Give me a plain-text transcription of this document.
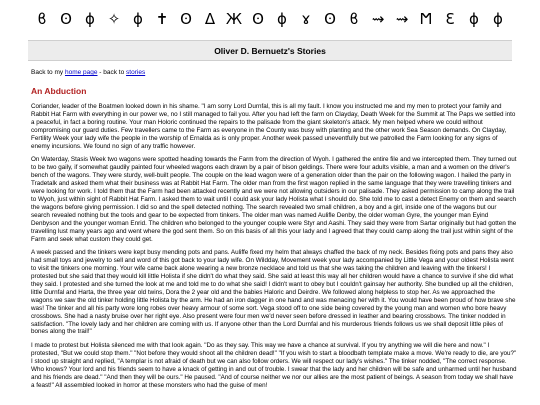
ϐ ʘ ϕ ✧ ɸ ✝ ʘ Δ Ж ʘ ϕ ɤ ʘ ϐ ⇝ ⇝ Ϻ Ɛ ϕ ϕ
Oliver D. Bernuetz's Stories
Back to my home page - back to stories
An Abduction

Coriander, leader of the Boatmen looked down in his shame. "I am sorry Lord Durnfal, this is all my fault. I know you instructed me and my men to protect your family and Rabbit Hat Farm with everything in our power we, no I still managed to fail you. After you had left the farm on Clayday, Death Week for the Summit at The Paps we settled into a peaceful, in fact a boring routine. Your man Holoric continued the repairs to the palisade from the giant skeleton's attack. My men helped where we could without compromising our guard duties. Few travellers came to the Farm as everyone in the County was busy with planting and the other work Sea Season demands. On Clayday, Fertility Week your lady wife the people in the worship of Ernalda as is only proper. Another week passed uneventfully but we patrolled the Farm looking for any signs of enemy incursions. We found no sign of any traffic however.

On Waterday, Stasis Week two wagons were spotted heading towards the Farm from the direction of Wyoh. I gathered the entire file and we intercepted them. They turned out to be two gaily, if somewhat gaudily painted four wheeled wagons each drawn by a pair of bison geldings. There were four adults visible, a man and a women on the driver's bench of the wagons. They were sturdy, well-built people. The couple on the lead wagon were of a generation older than the pair on the following wagon. I hailed the party in Tradetalk and asked them what their business was at Rabbit Hat Farm. The older man from the first wagon replied in the same language that they were travelling tinkers and were looking for work. I told them that the Farm had been attacked recently and we were not allowing outsiders in our palisade. They asked permission to camp along the trail to Wyoh, just within sight of Rabbit Hat Farm. I asked them to wait until I could ask your lady Holista what I should do. She told me to cast a detect Enemy on them and search the wagons before giving permission. I did so and the spell detected nothing. The search revealed two small children, a boy and a girl, inside one of the wagons but our search revealed nothing but the tools and gear to be expected from tinkers. The older man was named Aulifle Denby, the older woman Gyre, the younger man Eyind Denbyson and the younger woman Enrid. The children who belonged to the younger couple were Styr and Aashi. They said they were from Sartar originally but had gotten the travelling lust many years ago and went where the god sent them. So on this basis of all this your lady and I agreed that they could camp along the trail just within sight of the Farm and seek what custom they could get.

A week passed and the tinkers were kept busy mending pots and pans. Auliffe fixed my helm that always chaffed the back of my neck. Besides fixing pots and pans they also had small toys and jewelry to sell and word of this got back to your lady wife. On Wildday, Movement week your lady accompanied by Little Vega and your oldest Holista went to visit the tinkers one morning. Your wife came back alone wearing a new bronze necklace and told us that she was taking the children and leaving with the tinkers! I protested but she said that they would kill little Holista if she didn't do what they said. She said at least this way all her children would have a chance to survive if she did what they said. I protested and she turned the look at me and told me to do what she said! I didn't want to obey but I couldn't gainsay her authority. She bundled up all the children, little Durnfal and Harta, the three year old twins, Dora the 2 year old and the babies Haloric and Deirdre. We followed along helpless to stop her. As we approached the wagons we saw the old tinker holding little Holista by the arm. He had an iron dagger in one hand and was menacing her with it. You would have been proud of how brave she was! The tinker and all his party wore long robes over heavy armour of some sort. Vega stood off to one side being covered by the young man and women who bore heavy crossbows. She had a nasty bruise over her right eye. Also present were four men we'd never seen before dressed in leather and bearing crossbows. The tinker nodded in satisfaction. "The lovely lady and her children are coming with us. If anyone other than the Lord Durnfal and his murderous friends follows us we shall deposit little piles of bones along the trail!"

I made to protest but Holista silenced me with that look again. "Do as they say. This way we have a chance at survival. If you try anything we will die here and now." I protested, "But we could stop them." "Not before they would shoot all the children dead!" "If you wish to start a bloodbath template make a move. We're ready to die, are you?" I stood up straight and replied, "A templar is not afraid of death but we can also follow orders. We will respect our lady's wishes." The tinker nodded, "The correct response. Who knows? Your lord and his friends seem to have a knack of getting in and out of trouble. I swear that the lady and her children will be safe and unharmed until her husband and his friends are dead." "And then they will be ours." He paused. "And of course neither we nor our allies are the most patient of beings. A season from today we shall have a feast!" All assembled looked in horror at these monsters who had the guise of men!
